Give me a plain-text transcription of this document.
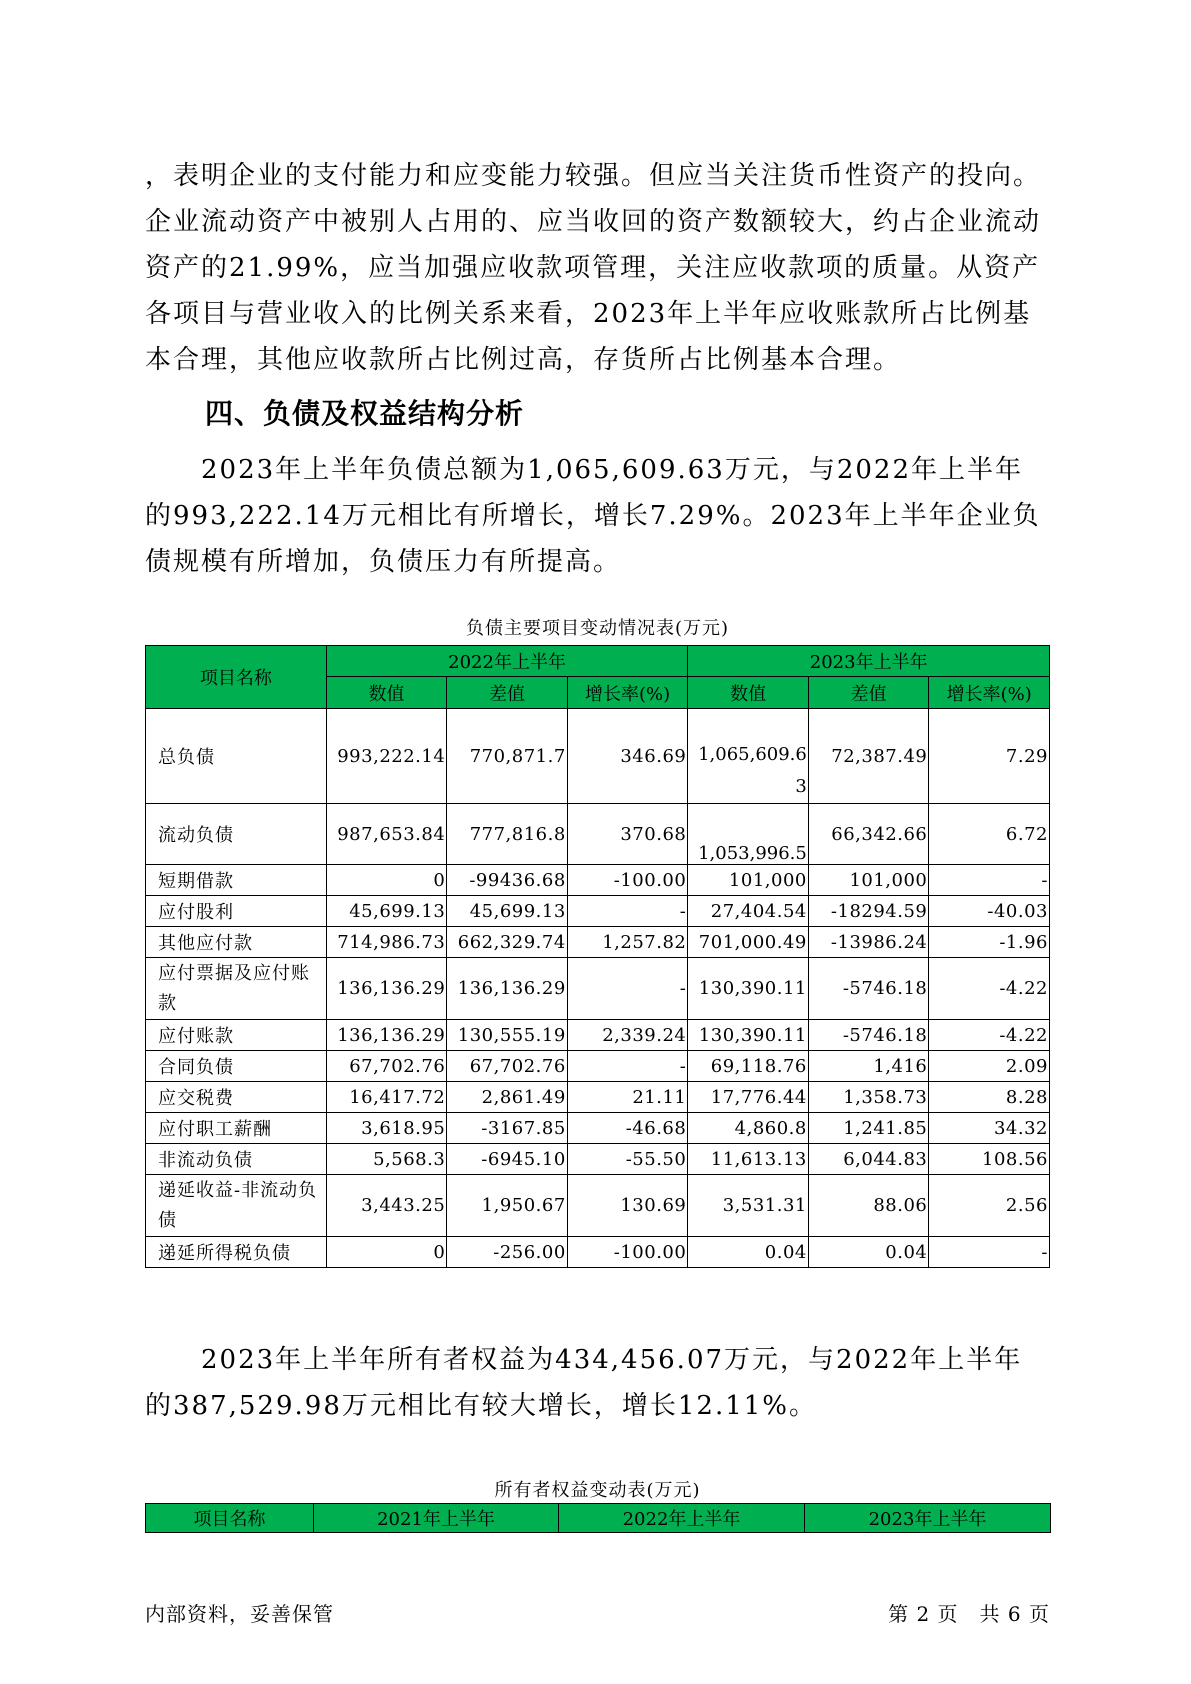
，表明企业的支付能力和应变能力较强。但应当关注货币性资产的投向。企业流动资产中被别人占用的、应当收回的资产数额较大，约占企业流动资产的21.99%，应当加强应收款项管理，关注应收款项的质量。从资产各项目与营业收入的比例关系来看，2023年上半年应收账款所占比例基本合理，其他应收款所占比例过高，存货所占比例基本合理。
四、负债及权益结构分析
　　2023年上半年负债总额为1,065,609.63万元，与2022年上半年的993,222.14万元相比有所增长，增长7.29%。2023年上半年企业负债规模有所增加，负债压力有所提高。
负债主要项目变动情况表(万元)
项目名称	2022年上半年			2023年上半年		
	数值	差值	增长率(%)	数值	差值	增长率(%)
总负债	993,222.14	770,871.7	346.69	1,065,609.63	72,387.49	7.29
流动负债	987,653.84	777,816.8	370.68	1,053,996.5	66,342.66	6.72
短期借款	0	-99436.68	-100.00	101,000	101,000	-
应付股利	45,699.13	45,699.13	-	27,404.54	-18294.59	-40.03
其他应付款	714,986.73	662,329.74	1,257.82	701,000.49	-13986.24	-1.96
应付票据及应付账款	136,136.29	136,136.29	-	130,390.11	-5746.18	-4.22
应付账款	136,136.29	130,555.19	2,339.24	130,390.11	-5746.18	-4.22
合同负债	67,702.76	67,702.76	-	69,118.76	1,416	2.09
应交税费	16,417.72	2,861.49	21.11	17,776.44	1,358.73	8.28
应付职工薪酬	3,618.95	-3167.85	-46.68	4,860.8	1,241.85	34.32
非流动负债	5,568.3	-6945.10	-55.50	11,613.13	6,044.83	108.56
递延收益-非流动负债	3,443.25	1,950.67	130.69	3,531.31	88.06	2.56
递延所得税负债	0	-256.00	-100.00	0.04	0.04	-
　　2023年上半年所有者权益为434,456.07万元，与2022年上半年的387,529.98万元相比有较大增长，增长12.11%。
所有者权益变动表(万元)
项目名称	2021年上半年	2022年上半年	2023年上半年
内部资料，妥善保管	第 2 页　共 6 页
